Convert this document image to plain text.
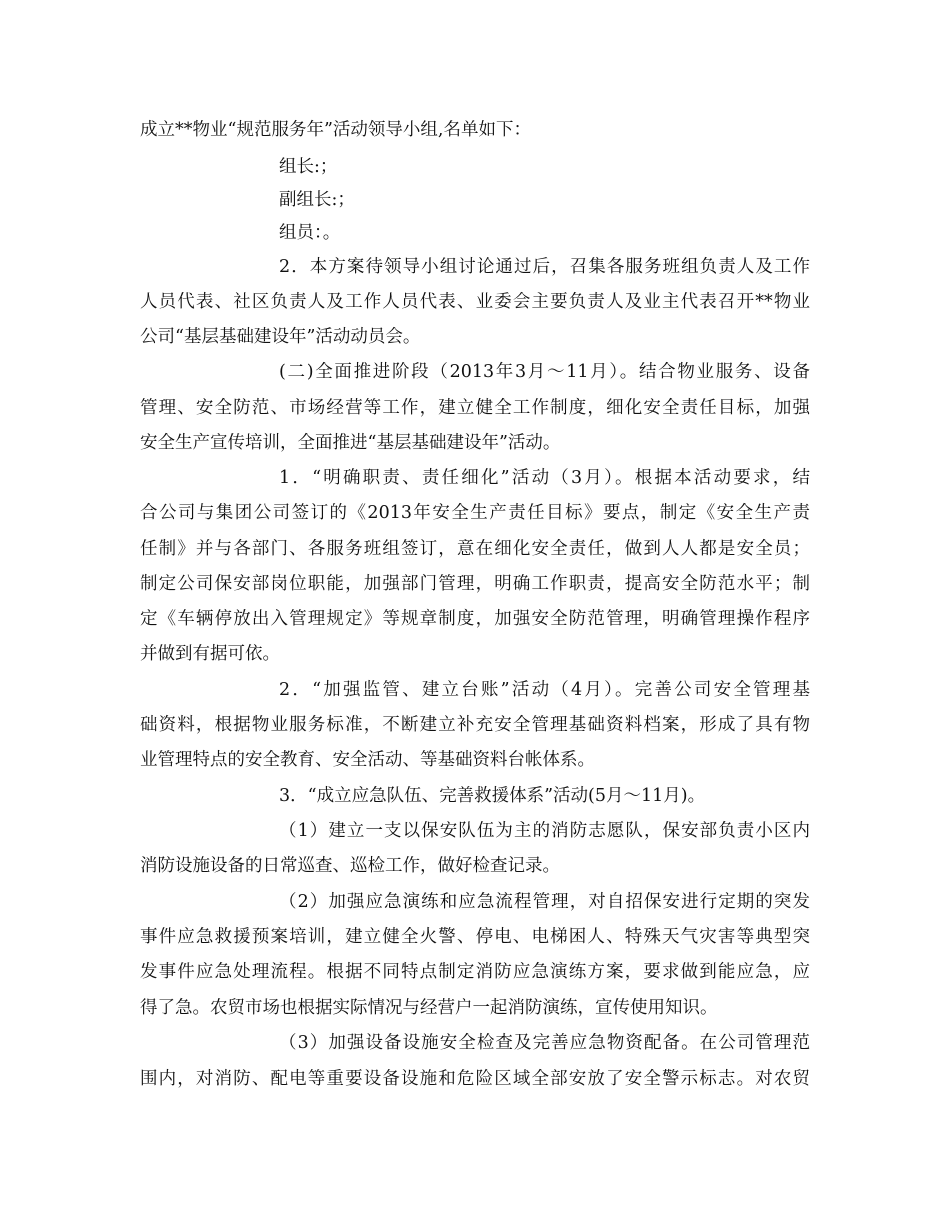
成立**物业“规范服务年”活动领导小组,名单如下：
组长:；
副组长:；
组员：。
2．本方案待领导小组讨论通过后，召集各服务班组负责人及工作
人员代表、社区负责人及工作人员代表、业委会主要负责人及业主代表召开**物业
公司“基层基础建设年”活动动员会。
(二)全面推进阶段（2013年3月～11月）。结合物业服务、设备
管理、安全防范、市场经营等工作，建立健全工作制度，细化安全责任目标，加强
安全生产宣传培训，全面推进“基层基础建设年”活动。
1．“明确职责、责任细化”活动（3月）。根据本活动要求，结
合公司与集团公司签订的《2013年安全生产责任目标》要点，制定《安全生产责
任制》并与各部门、各服务班组签订，意在细化安全责任，做到人人都是安全员；
制定公司保安部岗位职能，加强部门管理，明确工作职责，提高安全防范水平；制
定《车辆停放出入管理规定》等规章制度，加强安全防范管理，明确管理操作程序
并做到有据可依。
2．“加强监管、建立台账”活动（4月）。完善公司安全管理基
础资料，根据物业服务标准，不断建立补充安全管理基础资料档案，形成了具有物
业管理特点的安全教育、安全活动、等基础资料台帐体系。
3．“成立应急队伍、完善救援体系”活动(5月～11月)。
（1）建立一支以保安队伍为主的消防志愿队，保安部负责小区内
消防设施设备的日常巡查、巡检工作，做好检查记录。
（2）加强应急演练和应急流程管理，对自招保安进行定期的突发
事件应急救援预案培训，建立健全火警、停电、电梯困人、特殊天气灾害等典型突
发事件应急处理流程。根据不同特点制定消防应急演练方案，要求做到能应急，应
得了急。农贸市场也根据实际情况与经营户一起消防演练，宣传使用知识。
（3）加强设备设施安全检查及完善应急物资配备。在公司管理范
围内，对消防、配电等重要设备设施和危险区域全部安放了安全警示标志。对农贸
